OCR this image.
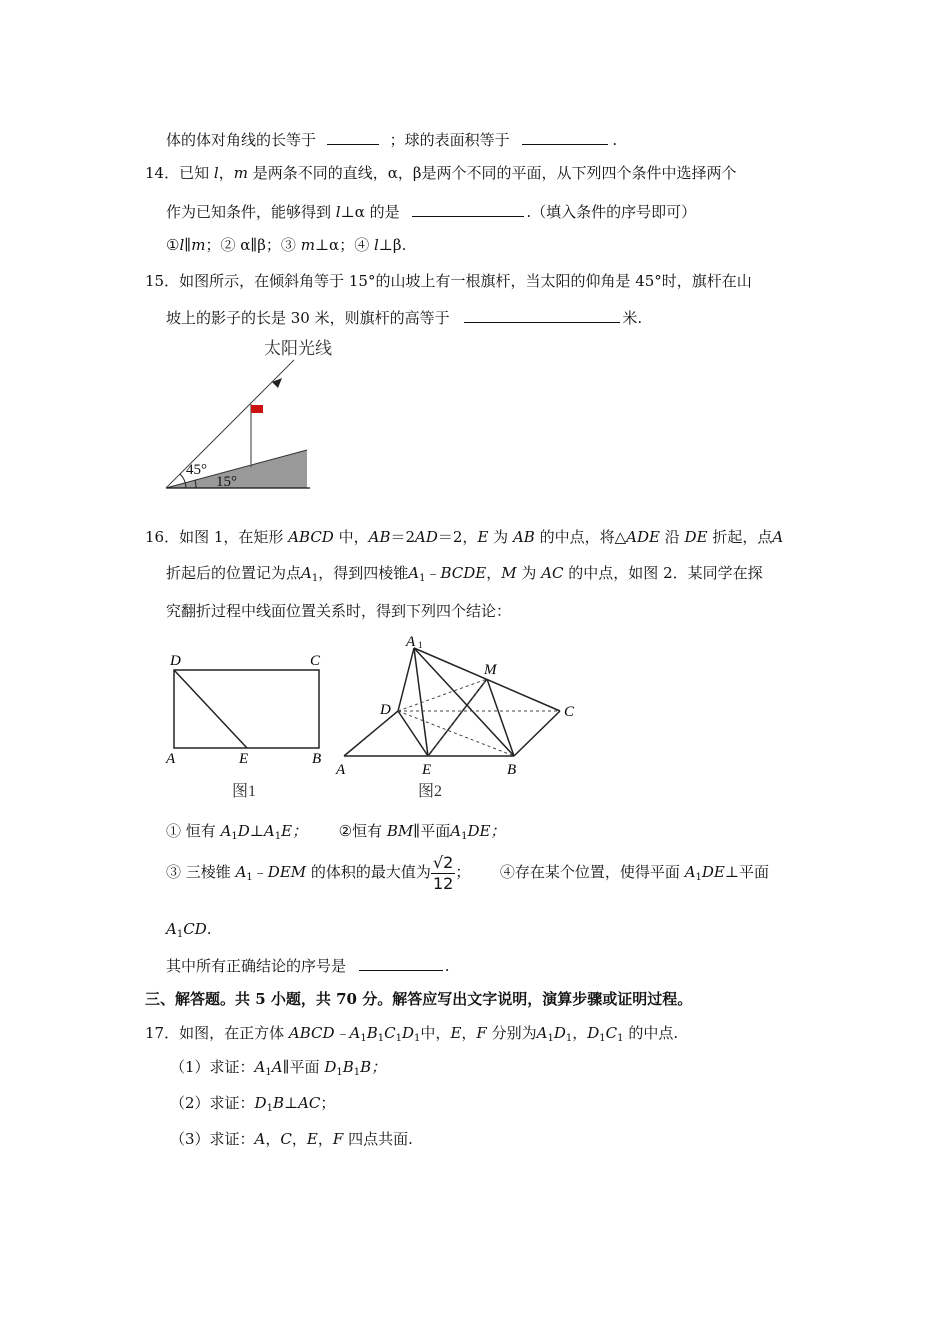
体的体对角线的长等于	；球的表面积等于	.
14．已知 l，m 是两条不同的直线，α，β是两个不同的平面，从下列四个条件中选择两个
作为已知条件，能够得到 l⊥α 的是	.（填入条件的序号即可）
①l∥m；② α∥β；③ m⊥α；④ l⊥β.
15．如图所示，在倾斜角等于 15°的山坡上有一根旗杆，当太阳的仰角是 45°时，旗杆在山
坡上的影子的长是 30 米，则旗杆的高等于	米.
太阳光线
45°
15°
16．如图 1，在矩形 ABCD 中，AB＝2AD＝2，E 为 AB 的中点，将△ADE 沿 DE 折起，点A
折起后的位置记为点$A_1$，得到四棱锥$A_1﹣BCDE$，M 为 AC 的中点，如图 2．某同学在探
究翻折过程中线面位置关系时，得到下列四个结论：
D	C
A	E	B
图1
A 1
M
D	C
A	E	B
图2
① 恒有 $A_1D\perp A_1E$； ②恒有 BM∥平面$A_1DE$；
③ 三棱锥 $A_1﹣DEM$ 的体积的最大值为 $\frac{√2}{12}$ ； ④存在某个位置，使得平面 $A_1DE\perp$平面
$A_1CD$.
其中所有正确结论的序号是	.
三、解答题。共 5 小题，共 70 分。解答应写出文字说明，演算步骤或证明过程。
17．如图，在正方体 $ABCD﹣A_1B_1C_1D_1$中，E，F 分别为$A_1D_1$，$D_1C_1$ 的中点.
（1）求证：$A_1A\parallel$平面 $D_1B_1B$；
（2）求证：$D_1B\perp AC$；
（3）求证：A，C，E，F 四点共面.
